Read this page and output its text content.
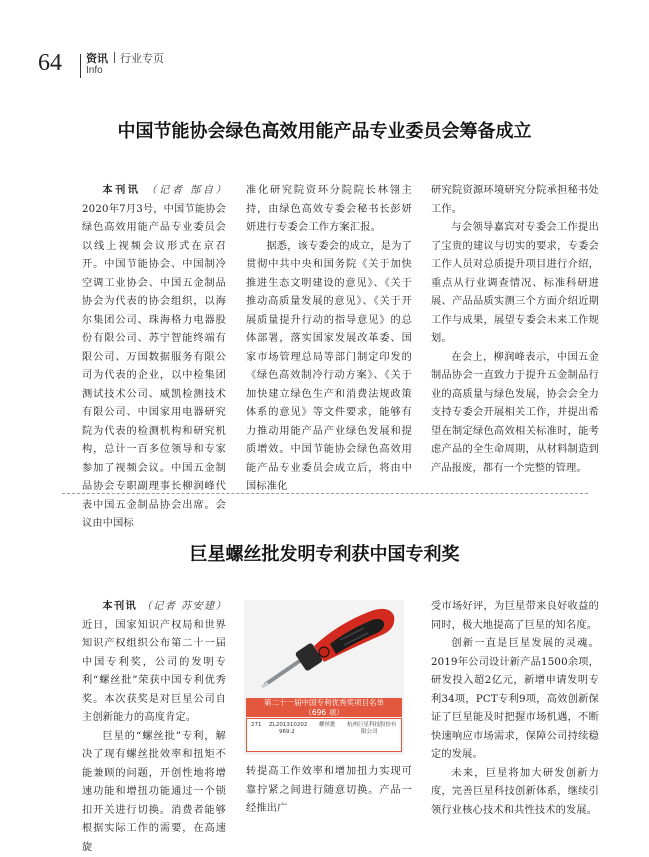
64 资讯 行业专页
Info
中国节能协会绿色高效用能产品专业委员会筹备成立

本刊讯 （记者 郜自） 2020年7月3号，中国节能协会绿色高效用能产品专业委员会以线上视频会议形式在京召开。中国节能协会、中国制冷空调工业协会、中国五金制品协会为代表的协会组织，以海尔集团公司、珠海格力电器股份有限公司、苏宁智能终端有限公司、万国数据服务有限公司为代表的企业，以中检集团测试技术公司、威凯检测技术有限公司、中国家用电器研究院为代表的检测机构和研究机构，总计一百多位领导和专家参加了视频会议。中国五金制品协会专职副理事长柳润峰代表中国五金制品协会出席。会议由中国标

准化研究院资环分院院长林翎主持，由绿色高效专委会秘书长彭妍妍进行专委会工作方案汇报。

据悉，该专委会的成立，是为了贯彻中共中央和国务院《关于加快推进生态文明建设的意见》、《关于推动高质量发展的意见》、《关于开展质量提升行动的指导意见》的总体部署，落实国家发展改革委、国家市场管理总局等部门制定印发的《绿色高效制冷行动方案》、《关于加快建立绿色生产和消费法规政策体系的意见》等文件要求，能够有力推动用能产品产业绿色发展和提质增效。中国节能协会绿色高效用能产品专业委员会成立后，将由中国标准化

研究院资源环境研究分院承担秘书处工作。

与会领导嘉宾对专委会工作提出了宝贵的建议与切实的要求，专委会工作人员对总质提升项目进行介绍，重点从行业调查情况、标准科研进展、产品品质实测三个方面介绍近期工作与成果，展望专委会未来工作规划。

在会上，柳润峰表示，中国五金制品协会一直致力于提升五金制品行业的高质量与绿色发展，协会会全力支持专委会开展相关工作，并提出希望在制定绿色高效相关标准时，能考虑产品的全生命周期，从材料制造到产品报废，都有一个完整的管理。

巨星螺丝批发明专利获中国专利奖

本刊讯 （记者 苏安建） 近日，国家知识产权局和世界知识产权组织公布第二十一届中国专利奖，公司的发明专利“螺丝批”荣获中国专利优秀奖。本次获奖是对巨星公司自主创新能力的高度肯定。

巨星的“螺丝批”专利，解决了现有螺丝批效率和扭矩不能兼顾的问题，开创性地将增速功能和增扭功能通过一个锁扣开关进行切换。消费者能够根据实际工作的需要，在高速旋

第二十一届中国专利优秀奖项目名单
（696 项）
271 ZL201310202
969.2
螺丝批 杭州巨星科技股份有
限公司

转提高工作效率和增加扭力实现可靠拧紧之间进行随意切换。产品一经推出广

受市场好评，为巨星带来良好收益的同时，极大地提高了巨星的知名度。

创新一直是巨星发展的灵魂。2019年公司设计新产品1500余项，研发投入超2亿元，新增申请发明专利34项，PCT专利9项，高效创新保证了巨星能及时把握市场机遇，不断快速响应市场需求，保障公司持续稳定的发展。

未来，巨星将加大研发创新力度，完善巨星科技创新体系，继续引领行业核心技术和共性技术的发展。
